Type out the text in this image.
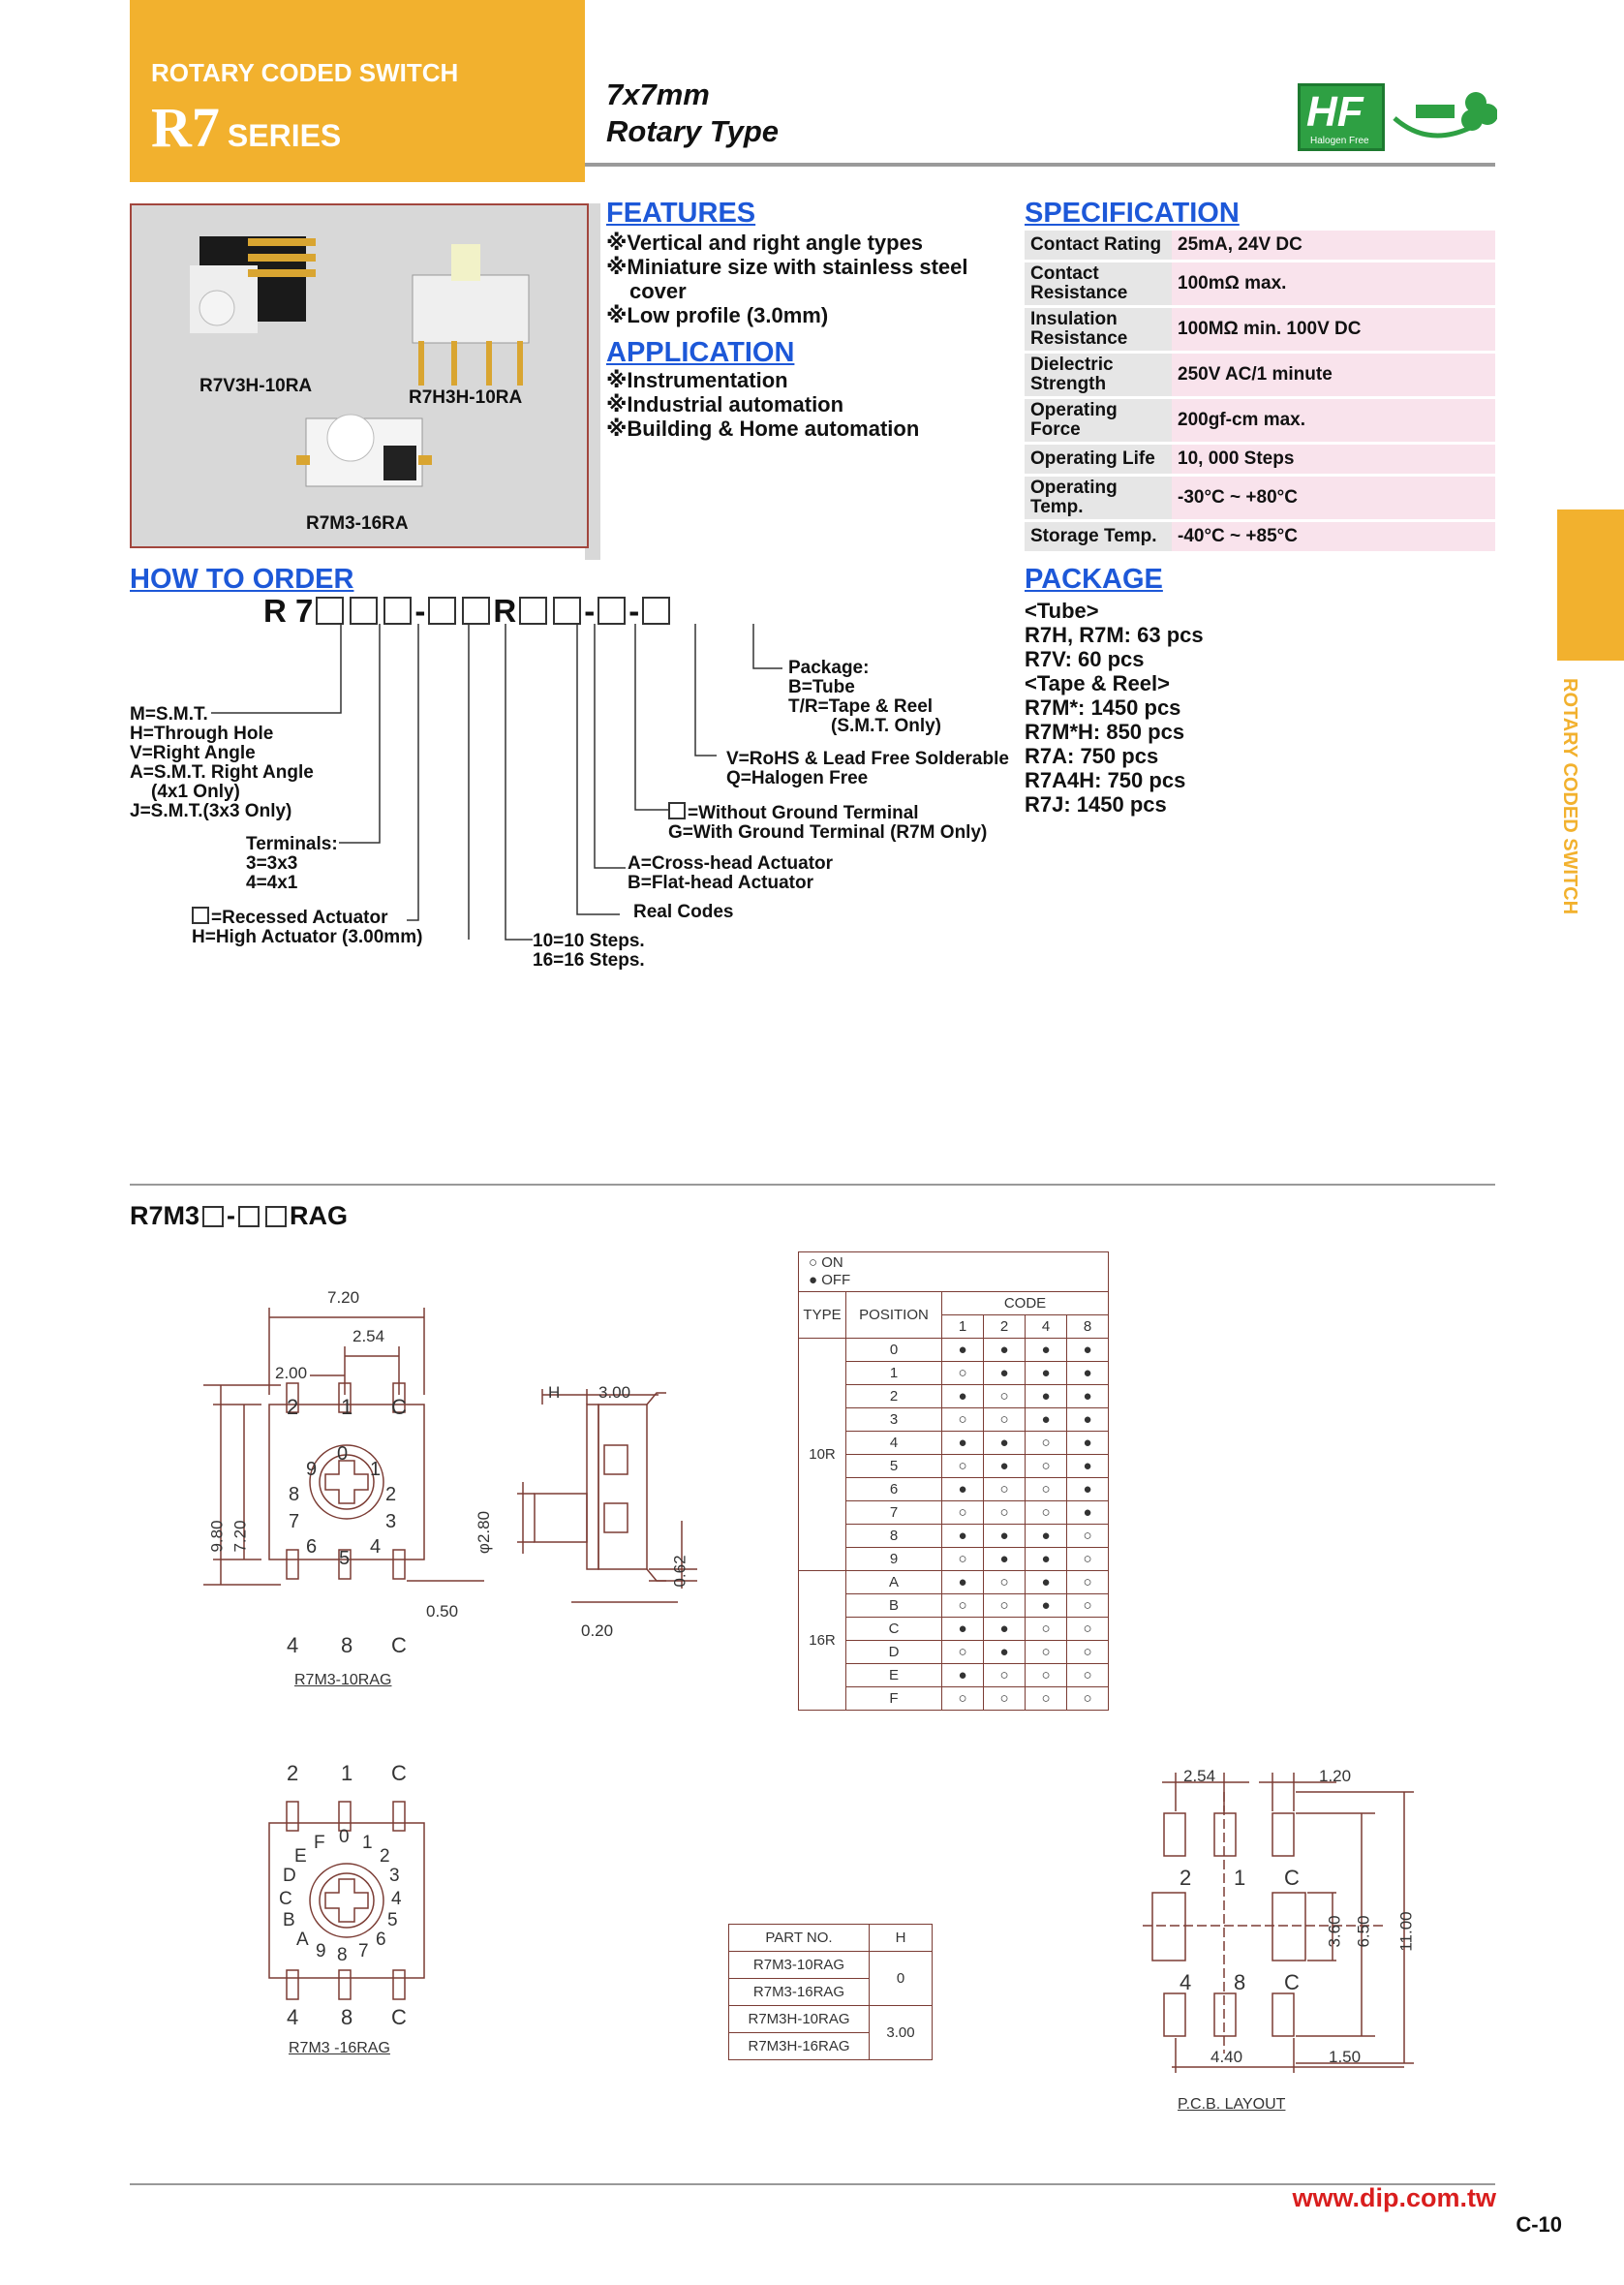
ROTARY CODED SWITCH
R7 SERIES
7x7mm
Rotary Type	HF
Halogen Free
R7V3H-10RA
R7H3H-10RA
R7M3-16RA
FEATURES
※Vertical and right angle types
※Miniature size with stainless steel
cover
※Low profile (3.0mm)
APPLICATION
※Instrumentation
※Industrial automation
※Building & Home automation
SPECIFICATION
Contact Rating	25mA, 24V DC
Contact Resistance	100mΩ max.
Insulation Resistance	100MΩ min. 100V DC
Dielectric Strength	250V AC/1 minute
Operating Force	200gf-cm max.
Operating Life	10, 000 Steps
Operating Temp.	-30°C ~ +80°C
Storage Temp.	-40°C ~ +85°C
ROTARY CODED SWITCH
HOW TO ORDER
R 7	- R - -
M=S.M.T.
H=Through Hole
V=Right Angle
A=S.M.T. Right Angle
(4x1 Only)
J=S.M.T.(3x3 Only)
Terminals:
3=3x3
4=4x1
=Recessed Actuator
H=High Actuator (3.00mm)	10=10 Steps.
16=16 Steps.
Real Codes
A=Cross-head Actuator
B=Flat-head Actuator
=Without Ground Terminal
G=With Ground Terminal (R7M Only)
V=RoHS & Lead Free Solderable
Q=Halogen Free
Package:
B=Tube
T/R=Tape & Reel
(S.M.T. Only)
PACKAGE
<Tube>
R7H, R7M: 63 pcs
R7V: 60 pcs
<Tape & Reel>
R7M*: 1450 pcs
R7M*H: 850 pcs
R7A: 750 pcs
R7A4H: 750 pcs
R7J: 1450 pcs
R7M3 - RAG
7.20
2.54
2.00
9.80 7.20
0.50
2 1 C
4 8 C
0
1
2
3
4
5
6
7
8
9
R7M3-10RAG
H 3.00
φ2.80
0.62
0.20
○ ON
● OFF					

TYPE	POSITION	CODE			
		1	2	4	8
10R	0	●	●	●	●
	1	○	●	●	●
	2	●	○	●	●
	3	○	○	●	●
	4	●	●	○	●
	5	○	●	○	●
	6	●	○	○	●
	7	○	○	○	●
	8	●	●	●	○
	9	○	●	●	○
16R	A	●	○	●	○
	B	○	○	●	○
	C	●	●	○	○
	D	○	●	○	○
	E	●	○	○	○
	F	○	○	○	○
2 1 C
4 8 C
0 1
2
3
4
5
6
7
8
9
A
B
C
D
E
F
R7M3 -16RAG
PART NO.	H
R7M3-10RAG	0
R7M3-16RAG	
R7M3H-10RAG	3.00
R7M3H-16RAG	
2.54	1.20
3.60 6.50 11.00
4.40	1.50
2 1 C
4 8 C
P.C.B. LAYOUT
www.dip.com.tw
C-10
